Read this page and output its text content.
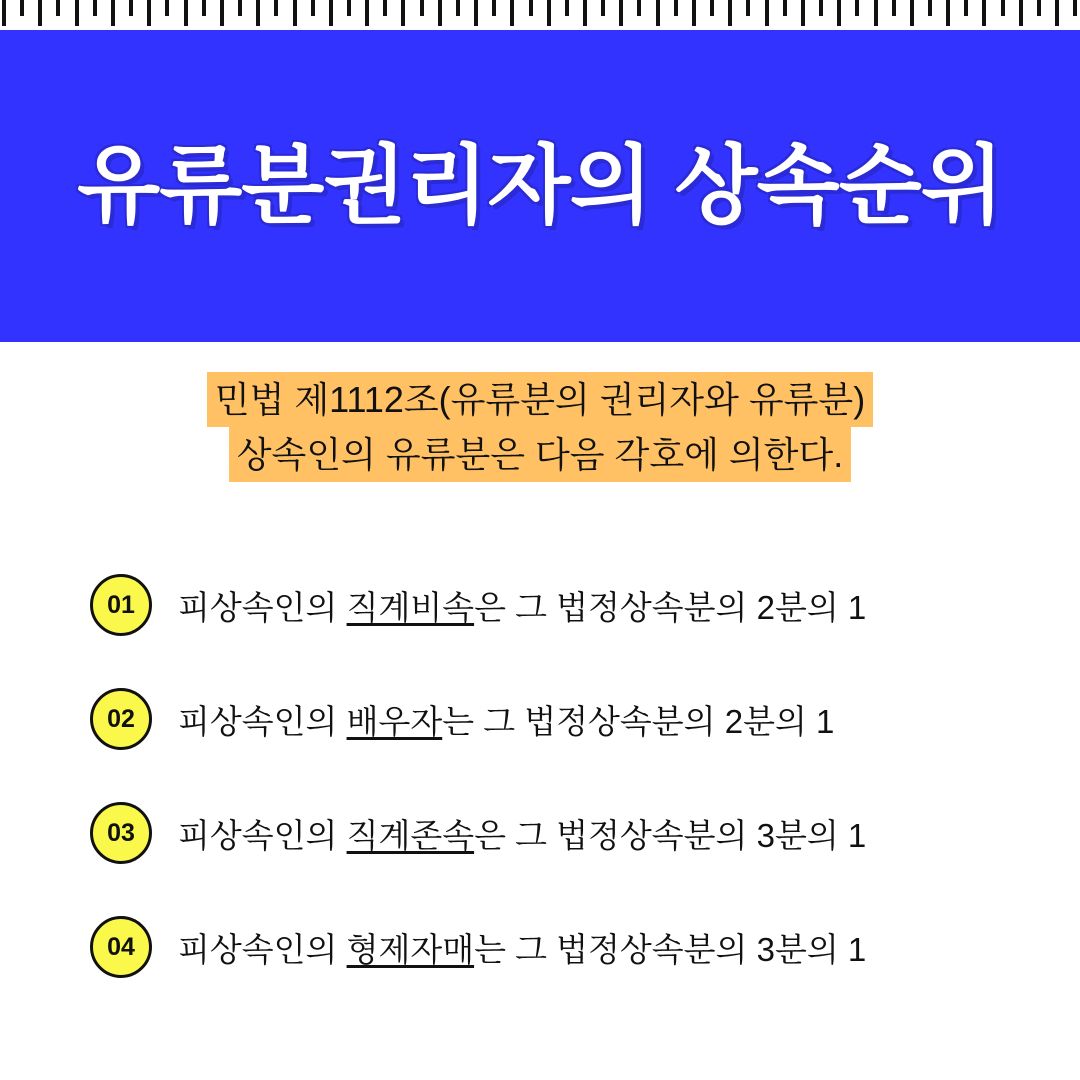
유류분권리자의 상속순위
민법 제1112조(유류분의 권리자와 유류분)
상속인의 유류분은 다음 각호에 의한다.
01	피상속인의 직계비속은 그 법정상속분의 2분의 1
02	피상속인의 배우자는 그 법정상속분의 2분의 1
03	피상속인의 직계존속은 그 법정상속분의 3분의 1
04	피상속인의 형제자매는 그 법정상속분의 3분의 1
